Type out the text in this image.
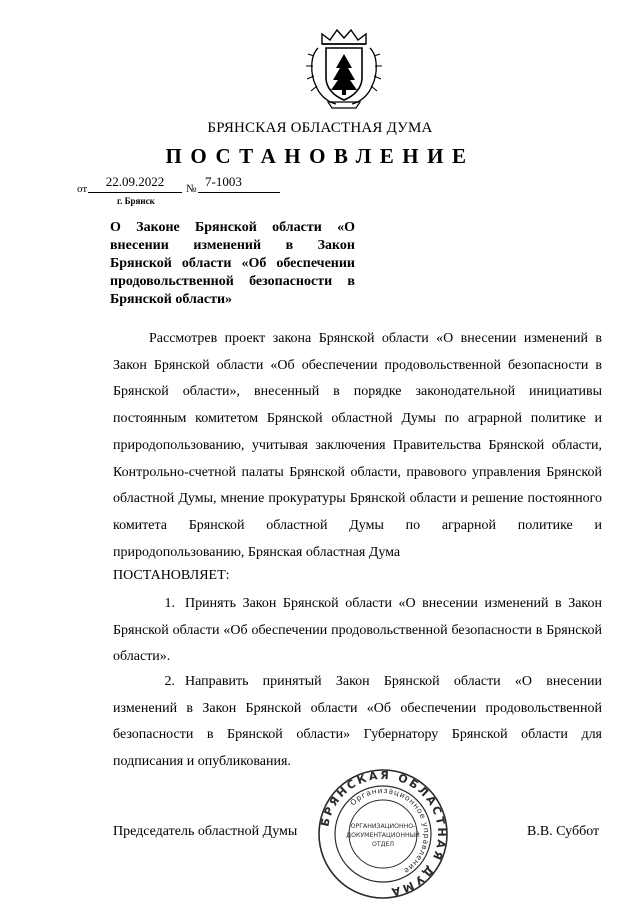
БРЯНСКАЯ ОБЛАСТНАЯ ДУМА
ПОСТАНОВЛЕНИЕ
от	22.09.2022	№ 7-1003
г. Брянск
О Законе Брянской области «О внесении изменений в Закон Брянской области «Об обеспечении продовольственной безопасности в Брянской области»
Рассмотрев проект закона Брянской области «О внесении изменений в Закон Брянской области «Об обеспечении продовольственной безопасности в Брянской области», внесенный в порядке законодательной инициативы постоянным комитетом Брянской областной Думы по аграрной политике и природопользованию, учитывая заключения Правительства Брянской области, Контрольно-счетной палаты Брянской области, правового управления Брянской областной Думы, мнение прокуратуры Брянской области и решение постоянного комитета Брянской областной Думы по аграрной политике и природопользованию, Брянская областная Дума
ПОСТАНОВЛЯЕТ:
1. Принять Закон Брянской области «О внесении изменений в Закон Брянской области «Об обеспечении продовольственной безопасности в Брянской области».
2. Направить принятый Закон Брянской области «О внесении изменений в Закон Брянской области «Об обеспечении продовольственной безопасности в Брянской области» Губернатору Брянской области для подписания и опубликования.
Председатель областной Думы	В.В. Суббот
БРЯНСКАЯ ОБЛАСТНАЯ ДУМА
Организационное управление
ОРГАНИЗАЦИОННО-
ДОКУМЕНТАЦИОННЫЙ
ОТДЕЛ
